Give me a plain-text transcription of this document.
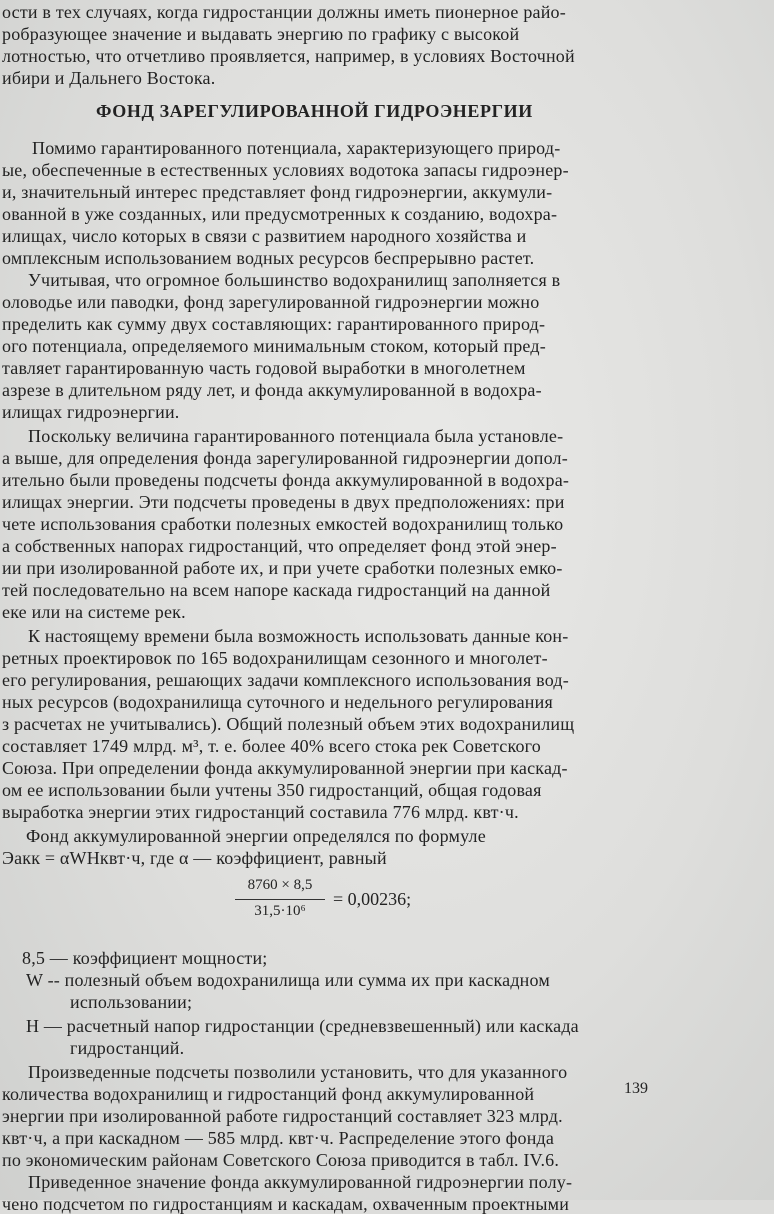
ости в тех случаях, когда гидростанции должны иметь пионерное райо-
робразующее значение и выдавать энергию по графику с высокой
лотностью, что отчетливо проявляется, например, в условиях Восточной
ибири и Дальнего Востока.
ФОНД ЗАРЕГУЛИРОВАННОЙ ГИДРОЭНЕРГИИ
Помимо гарантированного потенциала, характеризующего природ-
ые, обеспеченные в естественных условиях водотока запасы гидроэнер-
и, значительный интерес представляет фонд гидроэнергии, аккумули-
ованной в уже созданных, или предусмотренных к созданию, водохра-
илищах, число которых в связи с развитием народного хозяйства и
омплексным использованием водных ресурсов беспрерывно растет.
Учитывая, что огромное большинство водохранилищ заполняется в
оловодье или паводки, фонд зарегулированной гидроэнергии можно
пределить как сумму двух составляющих: гарантированного природ-
ого потенциала, определяемого минимальным стоком, который пред-
тавляет гарантированную часть годовой выработки в многолетнем
азрезе в длительном ряду лет, и фонда аккумулированной в водохра-
илищах гидроэнергии.
Поскольку величина гарантированного потенциала была установле-
а выше, для определения фонда зарегулированной гидроэнергии допол-
ительно были проведены подсчеты фонда аккумулированной в водохра-
илищах энергии. Эти подсчеты проведены в двух предположениях: при
чете использования сработки полезных емкостей водохранилищ только
а собственных напорах гидростанций, что определяет фонд этой энер-
ии при изолированной работе их, и при учете сработки полезных емко-
тей последовательно на всем напоре каскада гидростанций на данной
еке или на системе рек.
К настоящему времени была возможность использовать данные кон-
ретных проектировок по 165 водохранилищам сезонного и многолет-
его регулирования, решающих задачи комплексного использования вод-
ных ресурсов (водохранилища суточного и недельного регулирования
з расчетах не учитывались). Общий полезный объем этих водохранилищ
составляет 1749 млрд. м³, т. е. более 40% всего стока рек Советского
Союза. При определении фонда аккумулированной энергии при каскад-
ом ее использовании были учтены 350 гидростанций, общая годовая
выработка энергии этих гидростанций составила 776 млрд. квт·ч.
Фонд аккумулированной энергии определялся по формуле
Эакк = αWHквт·ч, где α — коэффициент, равный
8760 × 8,5
31,5·10⁶
= 0,00236;
8,5 — коэффициент мощности;
W -- полезный объем водохранилища или сумма их при каскадном
использовании;
H — расчетный напор гидростанции (средневзвешенный) или каскада
гидростанций.
Произведенные подсчеты позволили установить, что для указанного
количества водохранилищ и гидростанций фонд аккумулированной
энергии при изолированной работе гидростанций составляет 323 млрд.
квт·ч, а при каскадном — 585 млрд. квт·ч. Распределение этого фонда
по экономическим районам Советского Союза приводится в табл. IV.6.
Приведенное значение фонда аккумулированной гидроэнергии полу-
чено подсчетом по гидростанциям и каскадам, охваченным проектными
139
